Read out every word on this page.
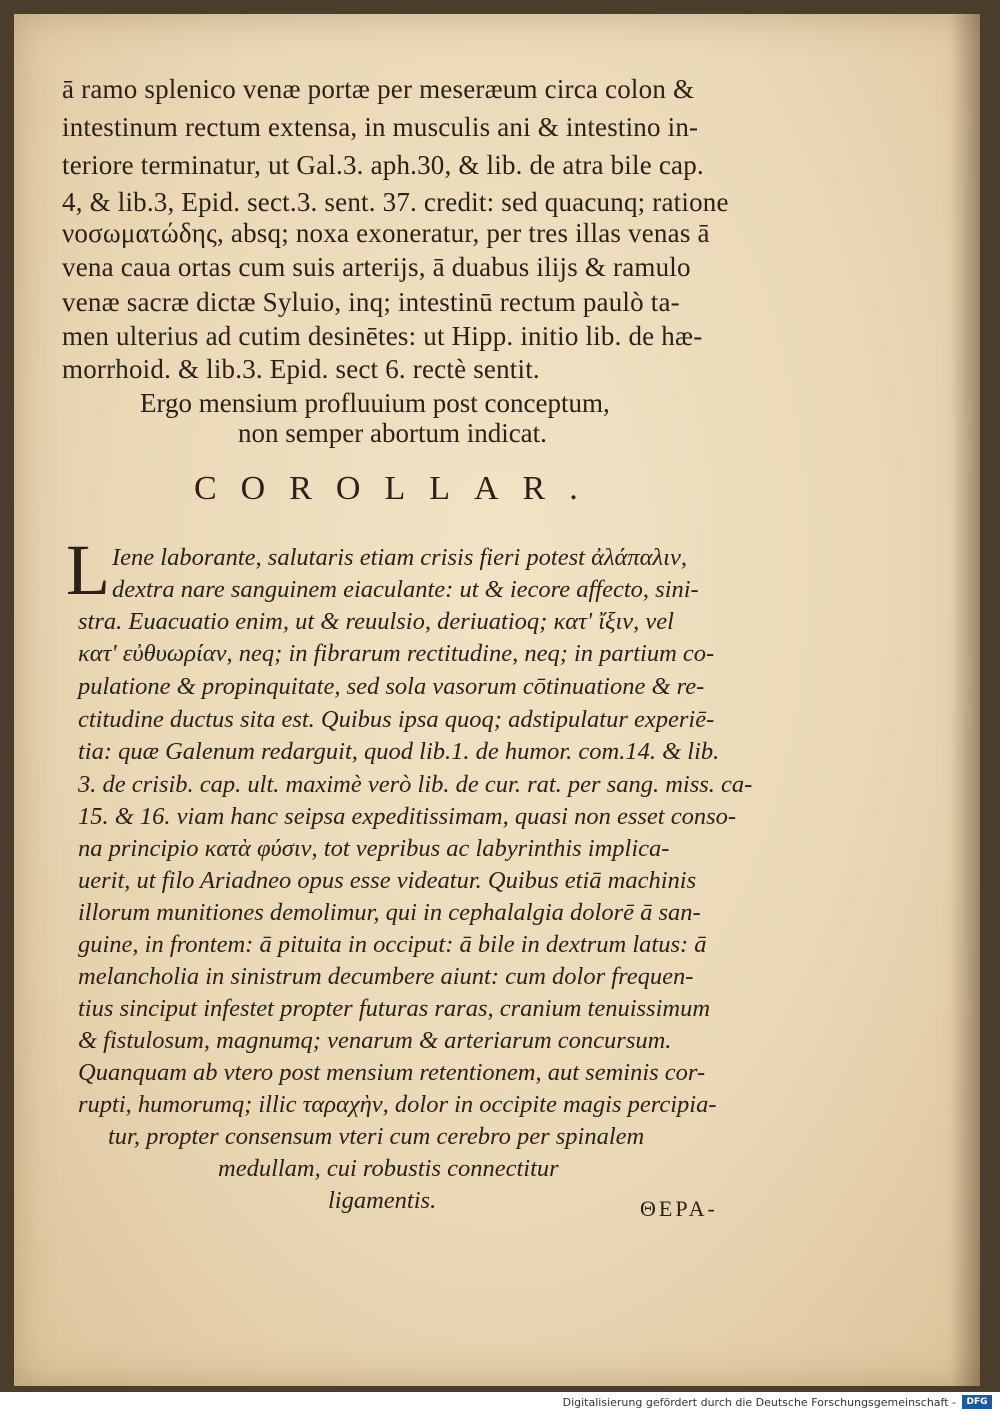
ā ramo splenico venæ portæ per meseræum circa colon &
intestinum rectum extensa, in musculis ani & intestino in-
teriore terminatur, ut Gal.3. aph.30, & lib. de atra bile cap.
4, & lib.3, Epid. sect.3. sent. 37. credit: sed quacunq; ratione
νοσωματώδης, absq; noxa exoneratur, per tres illas venas ā
vena caua ortas cum suis arterijs, ā duabus ilijs & ramulo
venæ sacræ dictæ Syluio, inq; intestinū rectum paulò ta-
men ulterius ad cutim desinētes: ut Hipp. initio lib. de hæ-
morrhoid. & lib.3. Epid. sect 6. rectè sentit.
Ergo mensium profluuium post conceptum,
non semper abortum indicat.
COROLLAR.
L Iene laborante, salutaris etiam crisis fieri potest ἀλάπαλιν,
dextra nare sanguinem eiaculante: ut & iecore affecto, sini-
stra. Euacuatio enim, ut & reuulsio, deriuatioq; κατ' ἴξιν, vel
κατ' εὐθυωρίαν, neq; in fibrarum rectitudine, neq; in partium co-
pulatione & propinquitate, sed sola vasorum cōtinuatione & re-
ctitudine ductus sita est. Quibus ipsa quoq; adstipulatur experiē-
tia: quæ Galenum redarguit, quod lib.1. de humor. com.14. & lib.
3. de crisib. cap. ult. maximè verò lib. de cur. rat. per sang. miss. ca-
15. & 16. viam hanc seipsa expeditissimam, quasi non esset conso-
na principio κατὰ φύσιν, tot vepribus ac labyrinthis implica-
uerit, ut filo Ariadneo opus esse videatur. Quibus etiā machinis
illorum munitiones demolimur, qui in cephalalgia dolorē ā san-
guine, in frontem: ā pituita in occiput: ā bile in dextrum latus: ā
melancholia in sinistrum decumbere aiunt: cum dolor frequen-
tius sinciput infestet propter futuras raras, cranium tenuissimum
& fistulosum, magnumq; venarum & arteriarum concursum.
Quanquam ab vtero post mensium retentionem, aut seminis cor-
rupti, humorumq; illic ταραχὴν, dolor in occipite magis percipia-
tur, propter consensum vteri cum cerebro per spinalem
medullam, cui robustis connectitur
ligamentis.	ΘΕΡΑ-
Digitalisierung gefördert durch die Deutsche Forschungsgemeinschaft -	DFG
